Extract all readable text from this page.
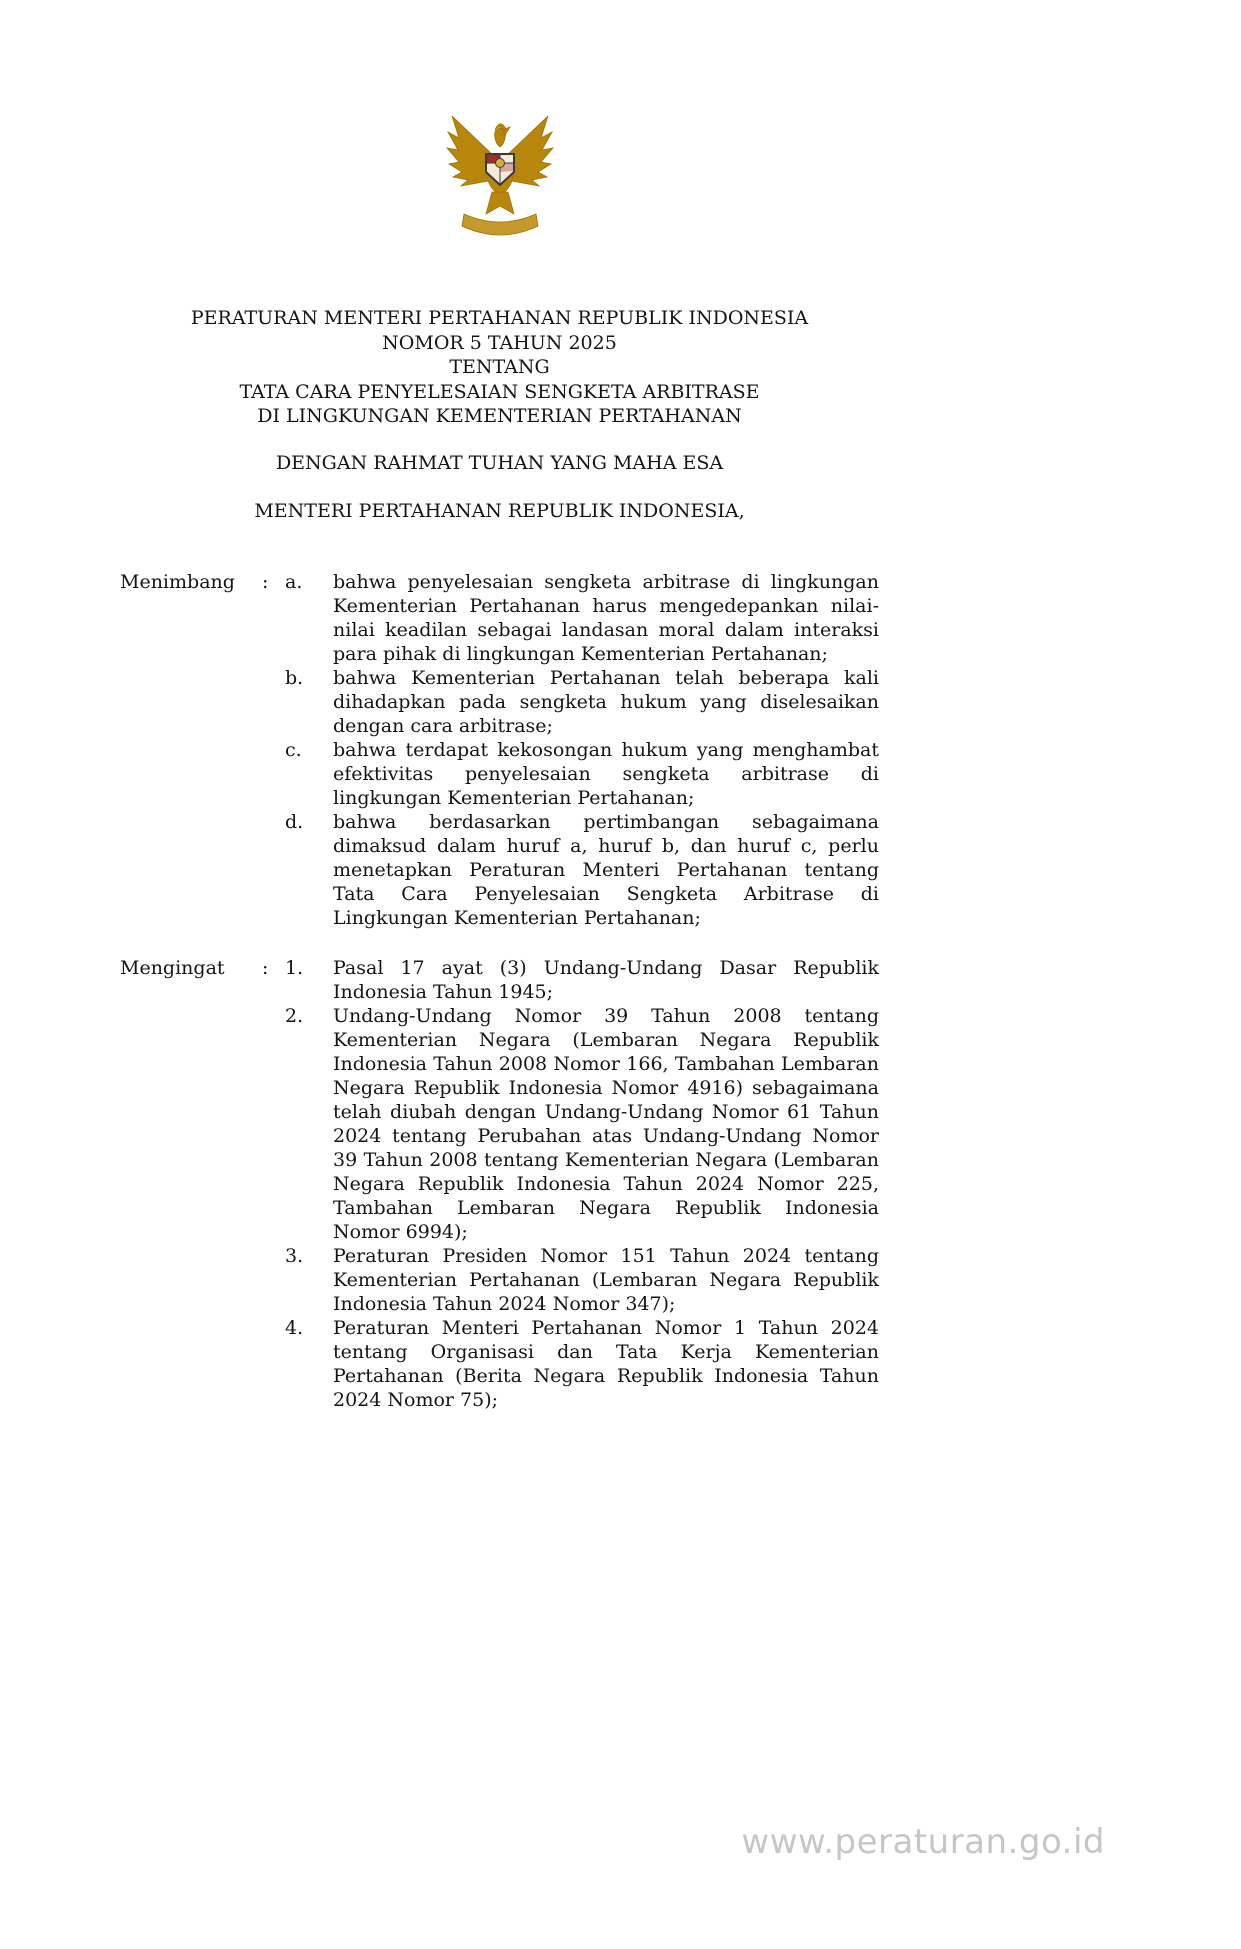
PERATURAN MENTERI PERTAHANAN REPUBLIK INDONESIA
NOMOR 5 TAHUN 2025
TENTANG
TATA CARA PENYELESAIAN SENGKETA ARBITRASE
DI LINGKUNGAN KEMENTERIAN PERTAHANAN
DENGAN RAHMAT TUHAN YANG MAHA ESA
MENTERI PERTAHANAN REPUBLIK INDONESIA,
Menimbang	: a.	bahwa penyelesaian sengketa arbitrase di lingkungan Kementerian Pertahanan harus mengedepankan nilai-nilai keadilan sebagai landasan moral dalam interaksi para pihak di lingkungan Kementerian Pertahanan;
b.	bahwa Kementerian Pertahanan telah beberapa kali dihadapkan pada sengketa hukum yang diselesaikan dengan cara arbitrase;
c.	bahwa terdapat kekosongan hukum yang menghambat efektivitas penyelesaian sengketa arbitrase di lingkungan Kementerian Pertahanan;
d.	bahwa berdasarkan pertimbangan sebagaimana dimaksud dalam huruf a, huruf b, dan huruf c, perlu menetapkan Peraturan Menteri Pertahanan tentang Tata Cara Penyelesaian Sengketa Arbitrase di Lingkungan Kementerian Pertahanan;
Mengingat	: 1.	Pasal 17 ayat (3) Undang-Undang Dasar Republik Indonesia Tahun 1945;
2.	Undang-Undang Nomor 39 Tahun 2008 tentang Kementerian Negara (Lembaran Negara Republik Indonesia Tahun 2008 Nomor 166, Tambahan Lembaran Negara Republik Indonesia Nomor 4916) sebagaimana telah diubah dengan Undang-Undang Nomor 61 Tahun 2024 tentang Perubahan atas Undang-Undang Nomor 39 Tahun 2008 tentang Kementerian Negara (Lembaran Negara Republik Indonesia Tahun 2024 Nomor 225, Tambahan Lembaran Negara Republik Indonesia Nomor 6994);
3.	Peraturan Presiden Nomor 151 Tahun 2024 tentang Kementerian Pertahanan (Lembaran Negara Republik Indonesia Tahun 2024 Nomor 347);
4.	Peraturan Menteri Pertahanan Nomor 1 Tahun 2024 tentang Organisasi dan Tata Kerja Kementerian Pertahanan (Berita Negara Republik Indonesia Tahun 2024 Nomor 75);
www.peraturan.go.id
